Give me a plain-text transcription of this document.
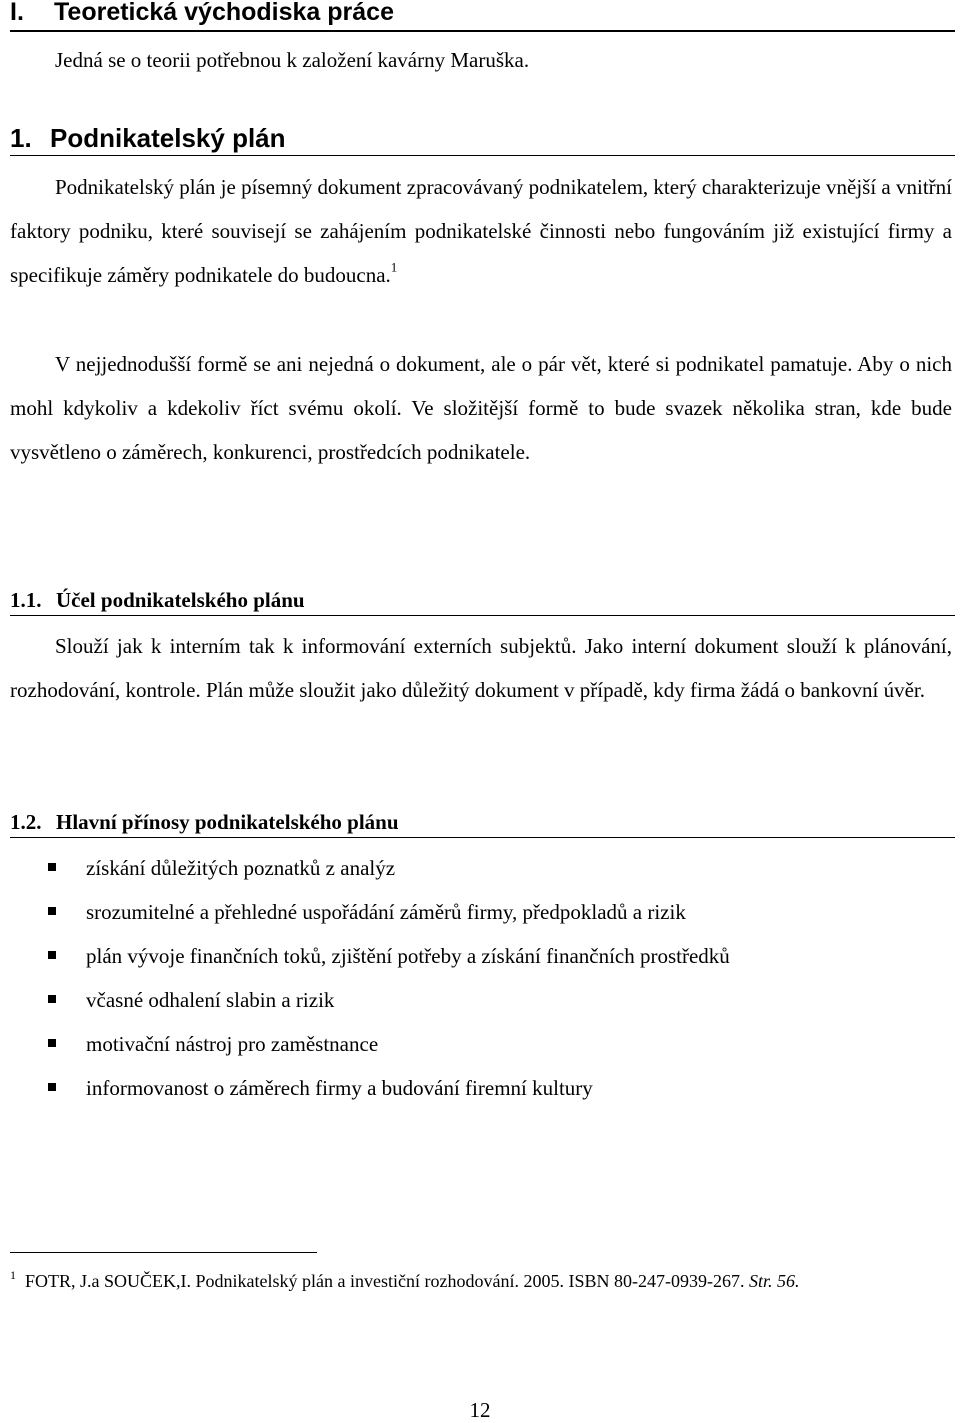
I. Teoretická východiska práce
Jedná se o teorii potřebnou k založení kavárny Maruška.
1. Podnikatelský plán
Podnikatelský plán je písemný dokument zpracovávaný podnikatelem, který charakterizuje vnější a vnitřní faktory podniku, které souvisejí se zahájením podnikatelské činnosti nebo fungováním již existující firmy a specifikuje záměry podnikatele do budoucna.$^1$
V nejjednodušší formě se ani nejedná o dokument, ale o pár vět, které si podnikatel pamatuje. Aby o nich mohl kdykoliv a kdekoliv říct svému okolí. Ve složitější formě to bude svazek několika stran, kde bude vysvětleno o záměrech, konkurenci, prostředcích podnikatele.
1.1. Účel podnikatelského plánu
Slouží jak k interním tak k informování externích subjektů. Jako interní dokument slouží k plánování, rozhodování, kontrole. Plán může sloužit jako důležitý dokument v případě, kdy firma žádá o bankovní úvěr.
1.2. Hlavní přínosy podnikatelského plánu
získání důležitých poznatků z analýz
srozumitelné a přehledné uspořádání záměrů firmy, předpokladů a rizik
plán vývoje finančních toků, zjištění potřeby a získání finančních prostředků
včasné odhalení slabin a rizik
motivační nástroj pro zaměstnance
informovanost o záměrech firmy a budování firemní kultury
$^1$ FOTR, J.a SOUČEK,I. Podnikatelský plán a investiční rozhodování. 2005. ISBN 80-247-0939-267. Str. 56.
12
